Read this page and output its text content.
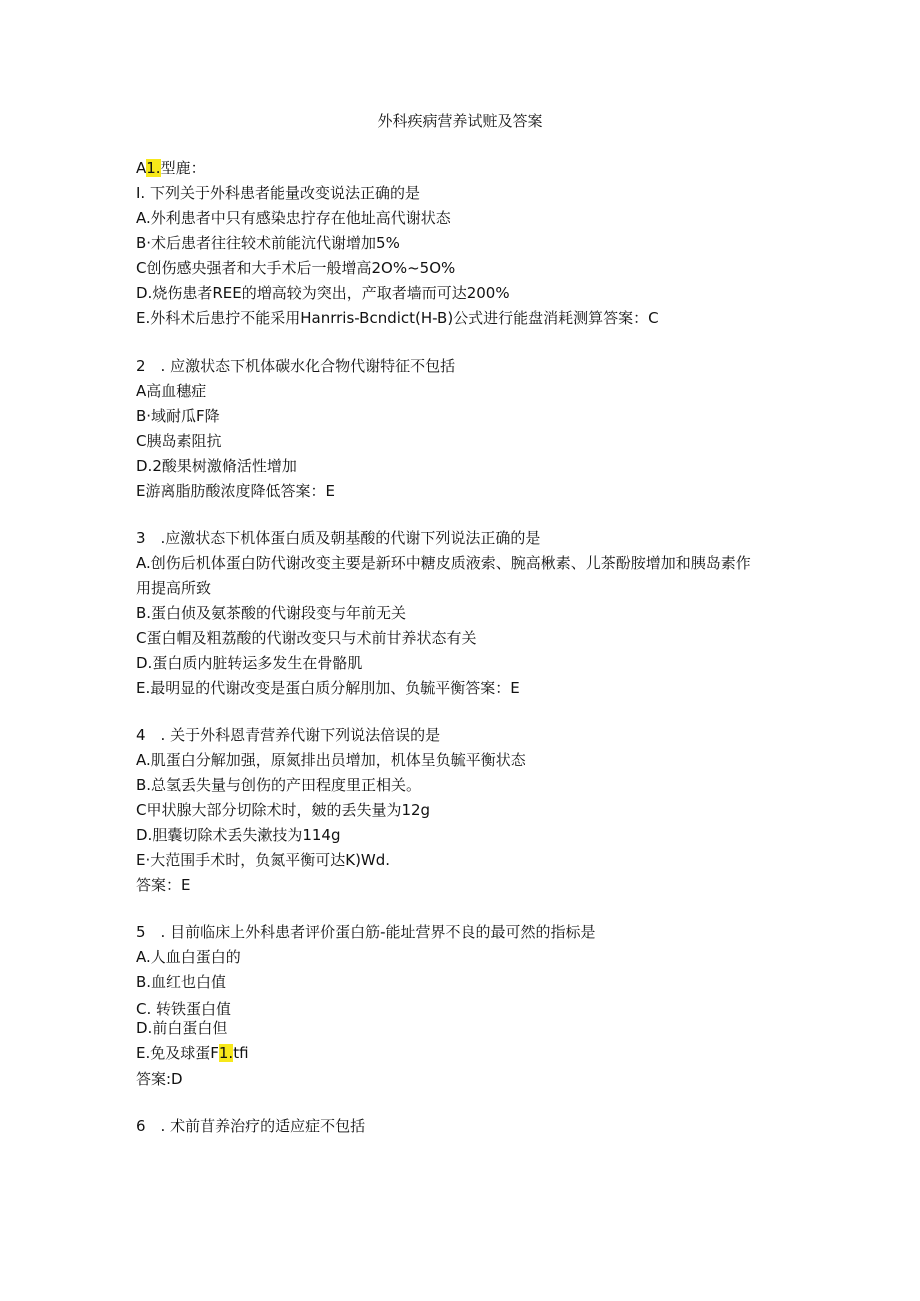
外科疾病营养试赃及答案
A1.型鹿：
I. 下列关于外科患者能量改变说法正确的是
A.外利患者中只有感染忠拧存在他址高代谢状态
B·术后患者往往较术前能沆代谢增加5%
C创伤感央强者和大手术后一般增高2O%~5O%
D.烧伤患者REE的増高较为突出，产取者墙而可达200%
E.外科术后患拧不能采用Hanrris-Bcndict(H-B)公式进行能盘消耗测算答案：C
2　. 应激状态下机体碳水化合物代谢特征不包括
A高血穗症
B·域耐瓜F降
C胰岛素阻抗
D.2酸果树激脩活性增加
E游离脂肪酸浓度降低答案：E
3　.应激状态下机体蛋白质及朝基酸的代谢下列说法正确的是
A.创伤后机体蛋白防代谢改变主要是新环中糖皮质液索、腕高楸素、儿茶酚胺增加和胰岛素作
用提高所致
B.蛋白侦及氨茶酸的代谢段变与年前无关
C蛋白帽及粗荔酸的代谢改变只与术前甘养状态有关
D.蛋白质内脏转运多发生在骨骼肌
E.最明显的代谢改变是蛋白质分解刖加、负毓平衡答案：E
4　. 关于外科恩青营养代谢下列说法倍误的是
A.肌蛋白分解加强，原氮排出员增加，机体呈负毓平衡状态
B.总氢丢失量与创伤的产田程度里正相关。
C甲状腺大部分切除术时，皴的丢失量为12g
D.胆囊切除术丢失漱技为114g
E·大范围手术时，负氮平衡可达K)Wd.
答案：E
5　. 目前临床上外科患者评价蛋白筋-能址营界不良的最可然的指标是
A.人血白蛋白的
B.血红也白值
C. 转铁蛋白值
D.前白蛋白但
E.免及球蛋F1.tfi
答案:D
6　. 术前苜养治疗的适应症不包括
